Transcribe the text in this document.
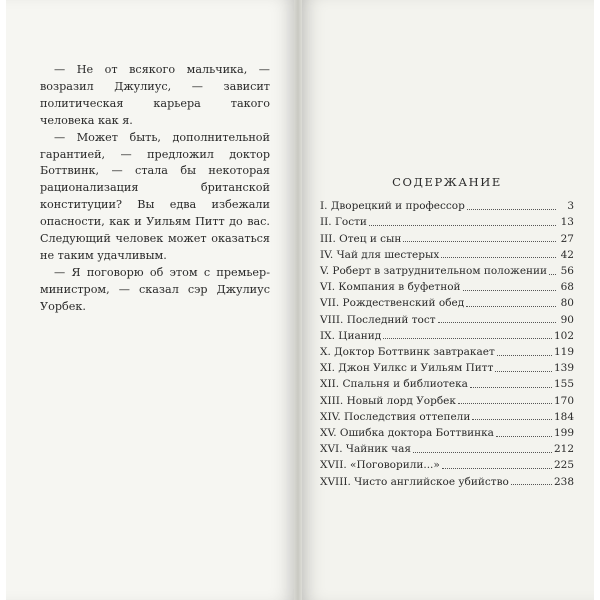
— Не от всякого мальчика, — возразил Джулиус, — зависит политическая карьера такого человека как я.

— Может быть, дополнительной гарантией, — предложил доктор Боттвинк, — стала бы некоторая рационализация британской конституции? Вы едва избежали опасности, как и Уильям Питт до вас. Следующий человек может оказаться не таким удачливым.

— Я поговорю об этом с премьер-министром, — сказал сэр Джулиус Уорбек.

СОДЕРЖАНИЕ
I. Дворецкий и профессор	3
II. Гости	13
III. Отец и сын	27
IV. Чай для шестерых	42
V. Роберт в затруднительном положении 56
VI. Компания в буфетной	68
VII. Рождественский обед	80
VIII. Последний тост	90
IX. Цианид	102
X. Доктор Боттвинк завтракает	119
XI. Джон Уилкс и Уильям Питт	139
XII. Спальня и библиотека	155
XIII. Новый лорд Уорбек	170
XIV. Последствия оттепели	184
XV. Ошибка доктора Боттвинка	199
XVI. Чайник чая	212
XVII. «Поговорили...»	225
XVIII. Чисто английское убийство	238
